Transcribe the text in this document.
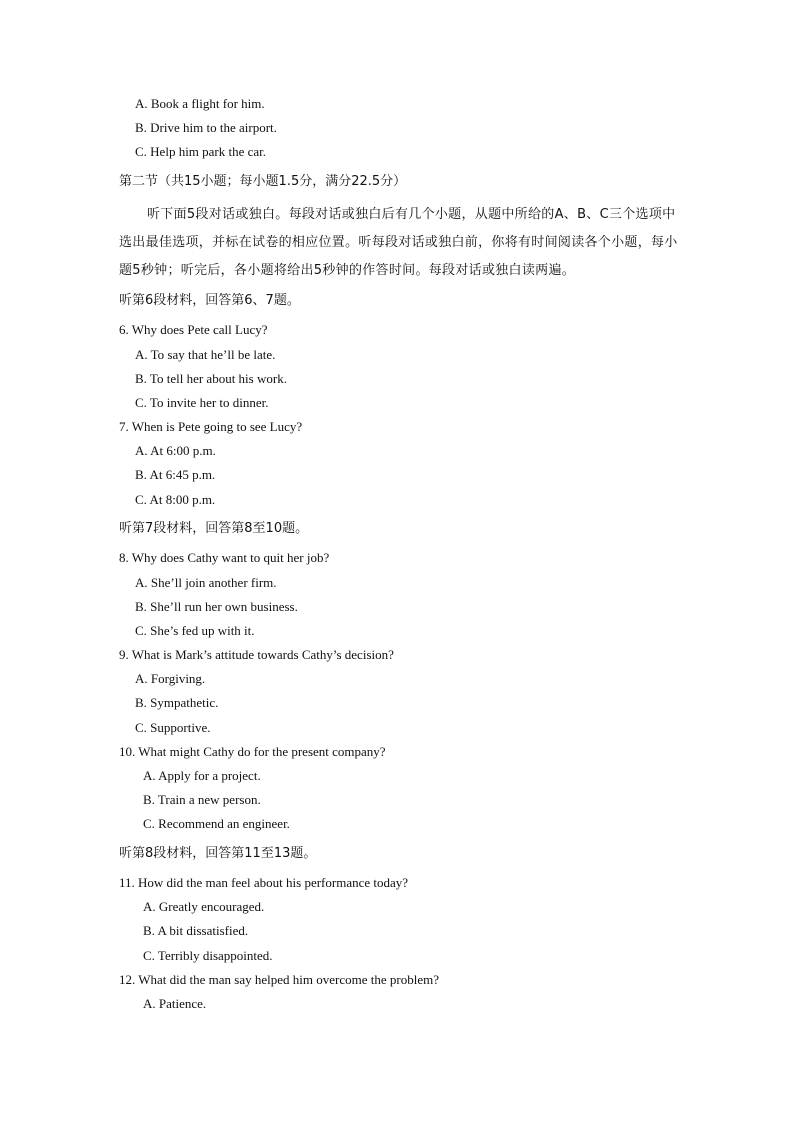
A. Book a flight for him.
B. Drive him to the airport.
C. Help him park the car.
第二节（共15小题；每小题1.5分，满分22.5分）
听下面5段对话或独白。每段对话或独白后有几个小题，从题中所给的A、B、C三个选项中选出最佳选项，并标在试卷的相应位置。听每段对话或独白前，你将有时间阅读各个小题，每小题5秒钟；听完后，各小题将给出5秒钟的作答时间。每段对话或独白读两遍。
听第6段材料，回答第6、7题。
6. Why does Pete call Lucy?
A. To say that he’ll be late.
B. To tell her about his work.
C. To invite her to dinner.
7. When is Pete going to see Lucy?
A. At 6:00 p.m.
B. At 6:45 p.m.
C. At 8:00 p.m.
听第7段材料，回答第8至10题。
8. Why does Cathy want to quit her job?
A. She’ll join another firm.
B. She’ll run her own business.
C. She’s fed up with it.
9. What is Mark’s attitude towards Cathy’s decision?
A. Forgiving.
B. Sympathetic.
C. Supportive.
10. What might Cathy do for the present company?
A. Apply for a project.
B. Train a new person.
C. Recommend an engineer.
听第8段材料，回答第11至13题。
11. How did the man feel about his performance today?
A. Greatly encouraged.
B. A bit dissatisfied.
C. Terribly disappointed.
12. What did the man say helped him overcome the problem?
A. Patience.
